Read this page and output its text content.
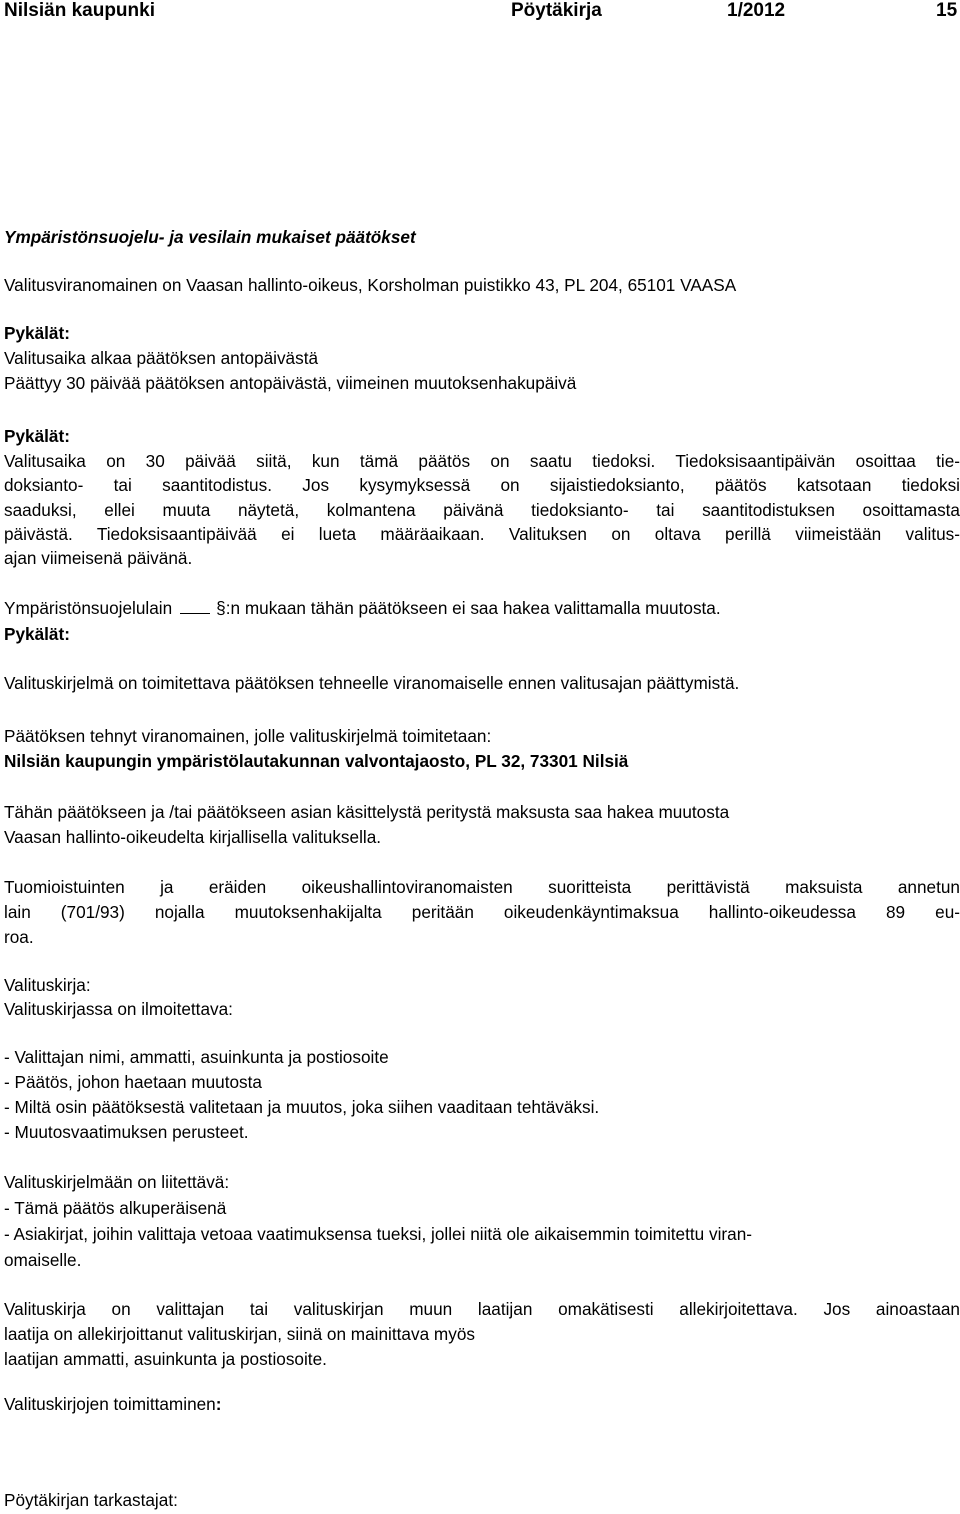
Nilsiän kaupunki	Pöytäkirja	1/2012	15
Ympäristönsuojelu- ja vesilain mukaiset päätökset
Valitusviranomainen on Vaasan hallinto-oikeus, Korsholman puistikko 43, PL 204, 65101 VAASA
Pykälät:
Valitusaika alkaa päätöksen antopäivästä
Päättyy 30 päivää päätöksen antopäivästä, viimeinen muutoksenhakupäivä
Pykälät:
Valitusaika on 30 päivää siitä, kun tämä päätös on saatu tiedoksi. Tiedoksisaantipäivän osoittaa tie-
doksianto- tai saantitodistus. Jos kysymyksessä on sijaistiedoksianto, päätös katsotaan tiedoksi
saaduksi, ellei muuta näytetä, kolmantena päivänä tiedoksianto- tai saantitodistuksen osoittamasta
päivästä. Tiedoksisaantipäivää ei lueta määräaikaan. Valituksen on oltava perillä viimeistään valitus-
ajan viimeisenä päivänä.
Ympäristönsuojelulain	§:n mukaan tähän päätökseen ei saa hakea valittamalla muutosta.
Pykälät:
Valituskirjelmä on toimitettava päätöksen tehneelle viranomaiselle ennen valitusajan päättymistä.
Päätöksen tehnyt viranomainen, jolle valituskirjelmä toimitetaan:
Nilsiän kaupungin ympäristölautakunnan valvontajaosto, PL 32, 73301 Nilsiä
Tähän päätökseen ja /tai päätökseen asian käsittelystä peritystä maksusta saa hakea muutosta
Vaasan hallinto-oikeudelta kirjallisella valituksella.
Tuomioistuinten ja eräiden oikeushallintoviranomaisten suoritteista perittävistä maksuista annetun
lain (701/93) nojalla muutoksenhakijalta peritään oikeudenkäyntimaksua hallinto-oikeudessa 89 eu-
roa.
Valituskirja:
Valituskirjassa on ilmoitettava:
- Valittajan nimi, ammatti, asuinkunta ja postiosoite
- Päätös, johon haetaan muutosta
- Miltä osin päätöksestä valitetaan ja muutos, joka siihen vaaditaan tehtäväksi.
- Muutosvaatimuksen perusteet.
Valituskirjelmään on liitettävä:
- Tämä päätös alkuperäisenä
- Asiakirjat, joihin valittaja vetoaa vaatimuksensa tueksi, jollei niitä ole aikaisemmin toimitettu viran-
omaiselle.
Valituskirja on valittajan tai valituskirjan muun laatijan omakätisesti allekirjoitettava. Jos ainoastaan
laatija on allekirjoittanut valituskirjan, siinä on mainittava myös
laatijan ammatti, asuinkunta ja postiosoite.
Valituskirjojen toimittaminen:
Pöytäkirjan tarkastajat:
